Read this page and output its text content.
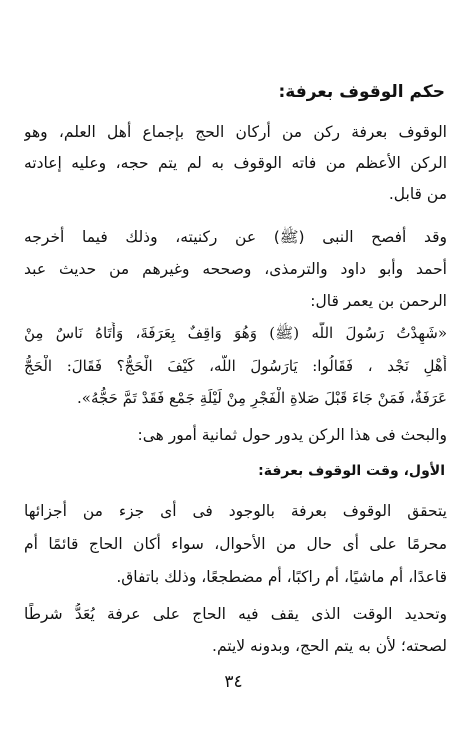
حكم الوقوف بعرفة:
الوقوف بعرفة ركن من أركان الحج بإجماع أهل العلم، وهو
الركن الأعظم من فاته الوقوف به لم يتم حجه، وعليه إعادته
من قابل.
وقد أفصح النبى (ﷺ) عن ركنيته، وذلك فيما أخرجه
أحمد وأبو داود والترمذى، وصححه وغيرهم من حديث عبد
الرحمن بن يعمر قال:
«شَهِدْتُ رَسُولَ اللَّه (ﷺ) وَهُوَ وَاقِفٌ بِعَرَفَةَ، وَأَتَاهُ نَاسٌ مِنْ
أَهْلِ نَجْد ، فَقَالُوا: يَارَسُولَ اللَّه، كَيْفَ الْحَجُّ؟ فَقَالَ: الْحَجُّ
عَرَفَةٌ، فَمَنْ جَاءَ قَبْلَ صَلاةِ الْفَجْرِ مِنْ لَيْلَةِ جَمْع فَقَدْ تَمَّ حَجُّهُ».
والبحث فى هذا الركن يدور حول ثمانية أمور هى:
الأول، وقت الوقوف بعرفة:
يتحقق الوقوف بعرفة بالوجود فى أى جزء من أجزائها
محرمًا على أى حال من الأحوال، سواء أكان الحاج قائمًا أم
قاعدًا، أم ماشيًا، أم راكبًا، أم مضطجعًا، وذلك باتفاق.
وتحديد الوقت الذى يقف فيه الحاج على عرفة يُعَدُّ شرطًا
لصحته؛ لأن به يتم الحج، وبدونه لايتم.
٣٤
